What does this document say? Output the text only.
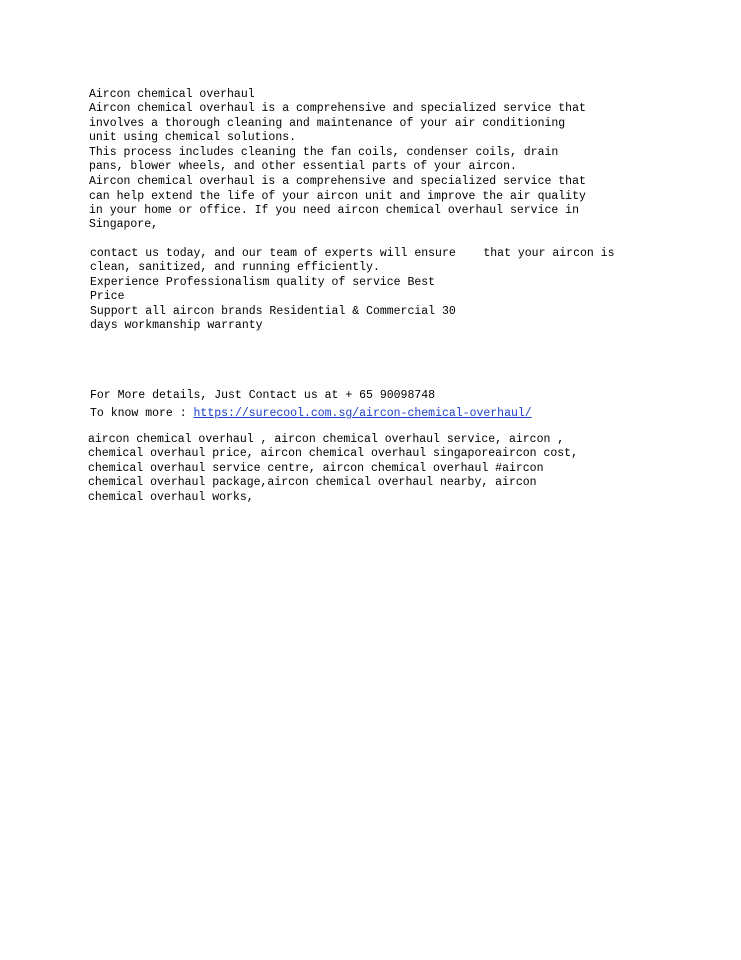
Aircon chemical overhaul

Aircon chemical overhaul is a comprehensive and specialized service that

involves a thorough cleaning and maintenance of your air conditioning

unit using chemical solutions.

This process includes cleaning the fan coils, condenser coils, drain

pans, blower wheels, and other essential parts of your aircon.

Aircon chemical overhaul is a comprehensive and specialized service that

can help extend the life of your aircon unit and improve the air quality

in your home or office. If you need aircon chemical overhaul service in

Singapore,

contact us today, and our team of experts will ensure    that your aircon is

clean, sanitized, and running efficiently.

Experience Professionalism quality of service Best

Price

Support all aircon brands Residential & Commercial 30

days workmanship warranty

For More details, Just Contact us at + 65 90098748

To know more : https://surecool.com.sg/aircon-chemical-overhaul/

aircon chemical overhaul , aircon chemical overhaul service, aircon ,

chemical overhaul price, aircon chemical overhaul singaporeaircon cost,

chemical overhaul service centre, aircon chemical overhaul #aircon

chemical overhaul package,aircon chemical overhaul nearby, aircon

chemical overhaul works,
